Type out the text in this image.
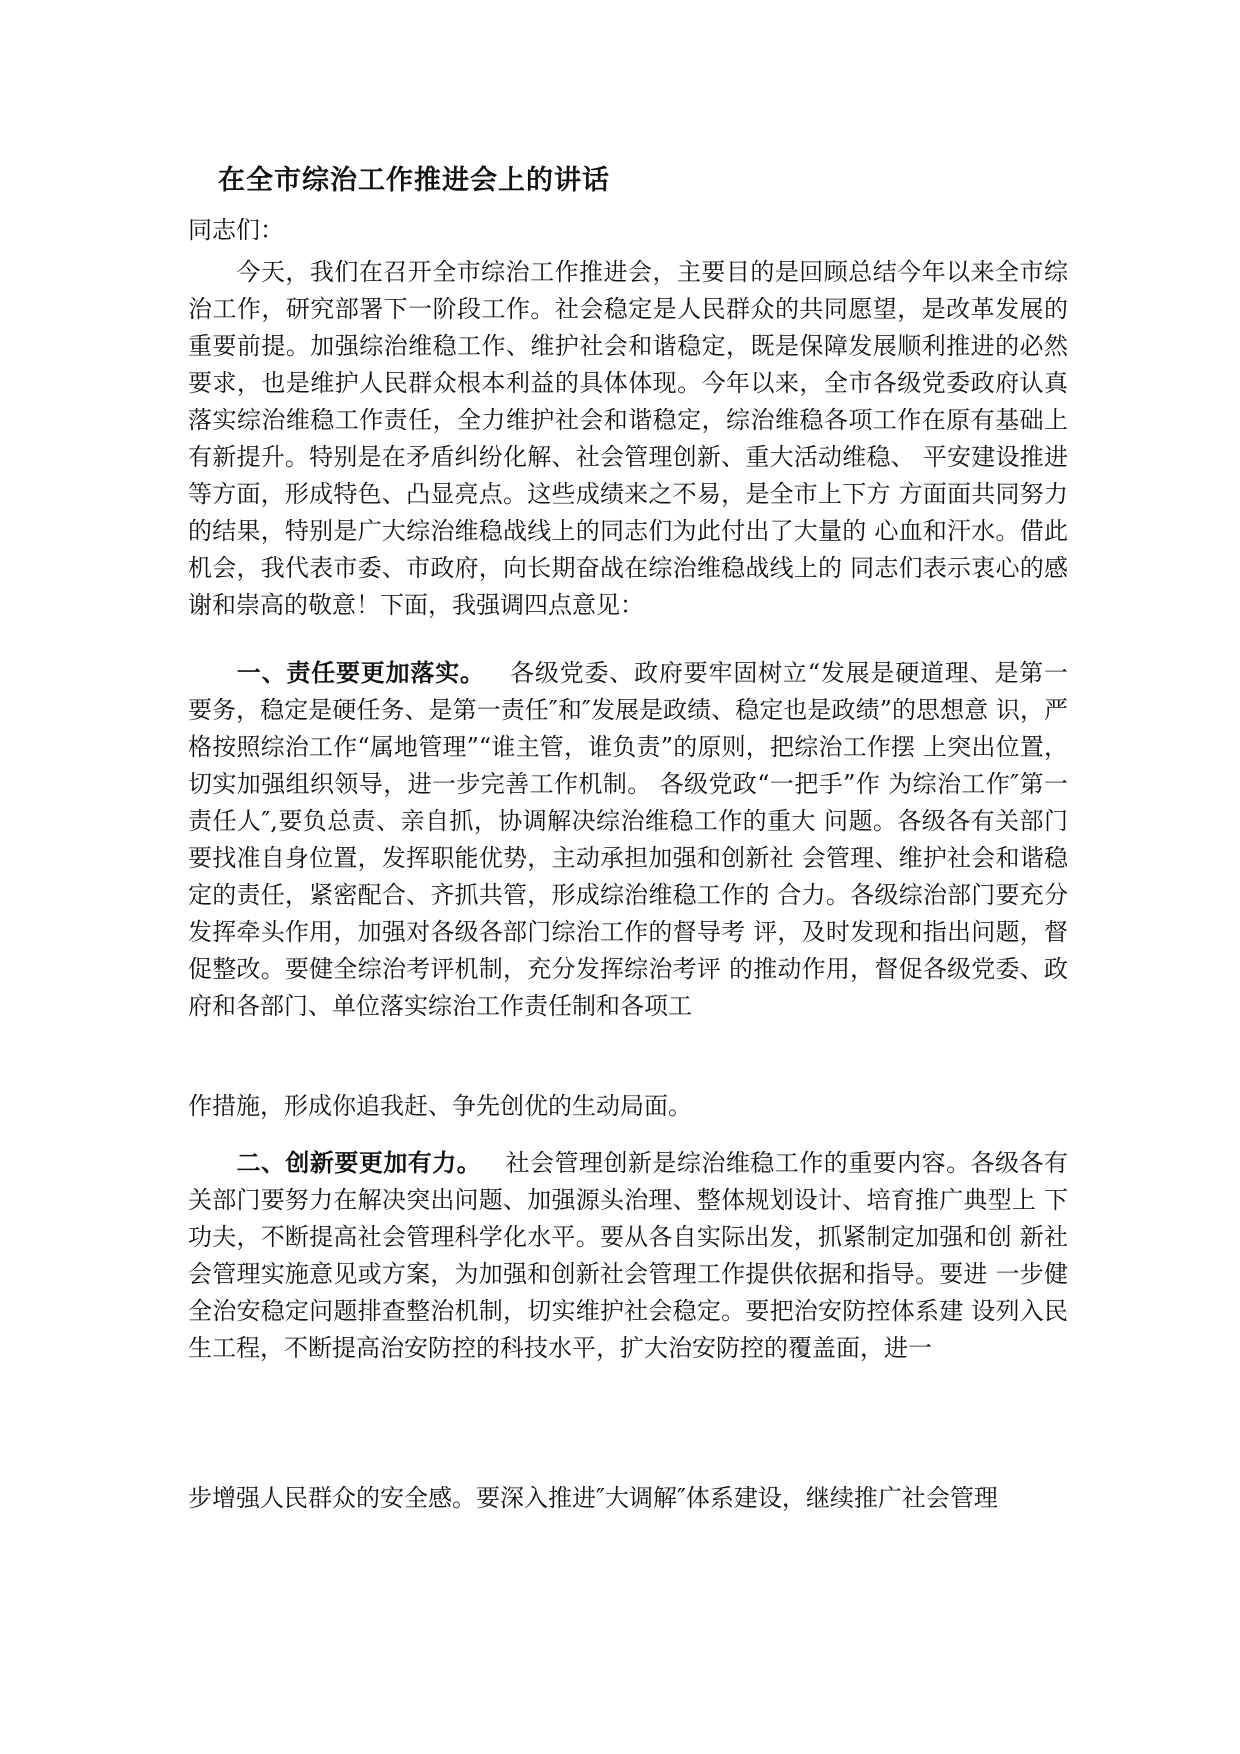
在全市综治工作推进会上的讲话
同志们：
今天，我们在召开全市综治工作推进会，主要目的是回顾总结今年以来全市综治工作，研究部署下一阶段工作。社会稳定是人民群众的共同愿望，是改革发展的重要前提。加强综治维稳工作、维护社会和谐稳定，既是保障发展顺利推进的必然要求，也是维护人民群众根本利益的具体体现。今年以来，全市各级党委政府认真落实综治维稳工作责任，全力维护社会和谐稳定，综治维稳各项工作在原有基础上有新提升。特别是在矛盾纠纷化解、社会管理创新、重大活动维稳、 平安建设推进等方面，形成特色、凸显亮点。这些成绩来之不易，是全市上下方 方面面共同努力的结果，特别是广大综治维稳战线上的同志们为此付出了大量的 心血和汗水。借此机会，我代表市委、市政府，向长期奋战在综治维稳战线上的 同志们表示衷心的感谢和崇高的敬意！下面，我强调四点意见：
一、责任要更加落实。 各级党委、政府要牢固树立“发展是硬道理、是第一 要务，稳定是硬任务、是第一责任″和″发展是政绩、稳定也是政绩”的思想意 识，严格按照综治工作“属地管理”“谁主管，谁负责”的原则，把综治工作摆 上突出位置，切实加强组织领导，进一步完善工作机制。 各级党政“一把手”作 为综治工作″第一责任人″,要负总责、亲自抓，协调解决综治维稳工作的重大 问题。各级各有关部门要找准自身位置，发挥职能优势，主动承担加强和创新社 会管理、维护社会和谐稳定的责任，紧密配合、齐抓共管，形成综治维稳工作的 合力。各级综治部门要充分发挥牵头作用，加强对各级各部门综治工作的督导考 评，及时发现和指出问题，督促整改。要健全综治考评机制，充分发挥综治考评 的推动作用，督促各级党委、政府和各部门、单位落实综治工作责任制和各项工
作措施，形成你追我赶、争先创优的生动局面。
二、创新要更加有力。 社会管理创新是综治维稳工作的重要内容。各级各有 关部门要努力在解决突出问题、加强源头治理、整体规划设计、培育推广典型上 下功夫，不断提高社会管理科学化水平。要从各自实际出发，抓紧制定加强和创 新社会管理实施意见或方案，为加强和创新社会管理工作提供依据和指导。要进 一步健全治安稳定问题排查整治机制，切实维护社会稳定。要把治安防控体系建 设列入民生工程，不断提高治安防控的科技水平，扩大治安防控的覆盖面，进一
步增强人民群众的安全感。要深入推进″大调解″体系建设，继续推广社会管理
